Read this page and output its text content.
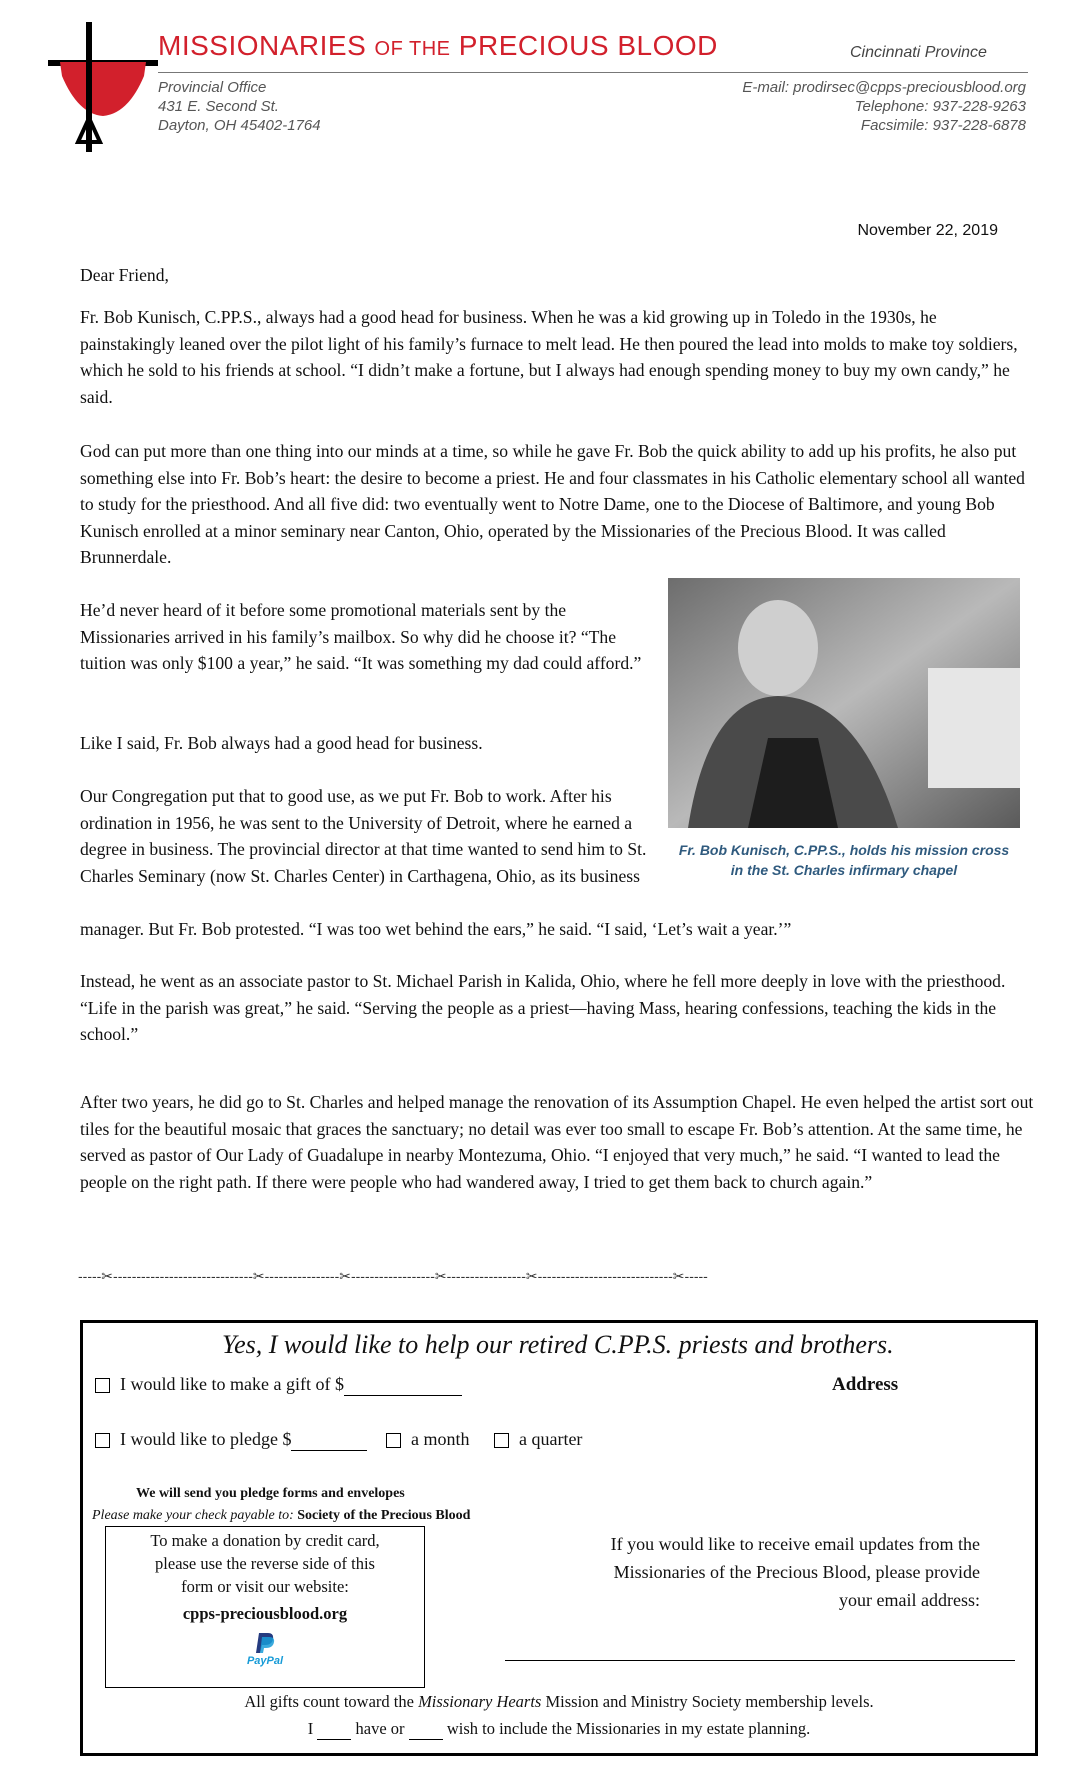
MISSIONARIES OF THE PRECIOUS BLOOD	Cincinnati Province
Provincial Office
431 E. Second St.
Dayton, OH 45402-1764
E-mail: prodirsec@cpps-preciousblood.org
Telephone: 937-228-9263
Facsimile: 937-228-6878
November 22, 2019

Dear Friend,

Fr. Bob Kunisch, C.PP.S., always had a good head for business. When he was a kid growing up in Toledo in the 1930s, he painstakingly leaned over the pilot light of his family’s furnace to melt lead. He then poured the lead into molds to make toy soldiers, which he sold to his friends at school. “I didn’t make a fortune, but I always had enough spending money to buy my own candy,” he said.

God can put more than one thing into our minds at a time, so while he gave Fr. Bob the quick ability to add up his profits, he also put something else into Fr. Bob’s heart: the desire to become a priest. He and four classmates in his Catholic elementary school all wanted to study for the priesthood. And all five did: two eventually went to Notre Dame, one to the Diocese of Baltimore, and young Bob Kunisch enrolled at a minor seminary near Canton, Ohio, operated by the Missionaries of the Precious Blood. It was called Brunnerdale.

He’d never heard of it before some promotional materials sent by the Missionaries arrived in his family’s mailbox. So why did he choose it? “The tuition was only $100 a year,” he said. “It was something my dad could afford.”

Like I said, Fr. Bob always had a good head for business.

Our Congregation put that to good use, as we put Fr. Bob to work. After his ordination in 1956, he was sent to the University of Detroit, where he earned a degree in business. The provincial director at that time wanted to send him to St. Charles Seminary (now St. Charles Center) in Carthagena, Ohio, as its business

manager. But Fr. Bob protested. “I was too wet behind the ears,” he said. “I said, ‘Let’s wait a year.’”

Instead, he went as an associate pastor to St. Michael Parish in Kalida, Ohio, where he fell more deeply in love with the priesthood. “Life in the parish was great,” he said. “Serving the people as a priest—having Mass, hearing confessions, teaching the kids in the school.”

After two years, he did go to St. Charles and helped manage the renovation of its Assumption Chapel. He even helped the artist sort out tiles for the beautiful mosaic that graces the sanctuary; no detail was ever too small to escape Fr. Bob’s attention. At the same time, he served as pastor of Our Lady of Guadalupe in nearby Montezuma, Ohio. “I enjoyed that very much,” he said. “I wanted to lead the people on the right path. If there were people who had wandered away, I tried to get them back to church again.”

Fr. Bob Kunisch, C.PP.S., holds his mission cross
in the St. Charles infirmary chapel
-----✂------------------------------✂----------------✂------------------✂-----------------✂-----------------------------✂-----
Yes, I would like to help our retired C.PP.S. priests and brothers.
I would like to make a gift of $	Address
I would like to pledge $	a month	a quarter
We will send you pledge forms and envelopes
Please make your check payable to: Society of the Precious Blood
To make a donation by credit card,
please use the reverse side of this
form or visit our website:
cpps-preciousblood.org
PayPal
If you would like to receive email updates from the
Missionaries of the Precious Blood, please provide
your email address:
All gifts count toward the Missionary Hearts Mission and Ministry Society membership levels.
I	have or	wish to include the Missionaries in my estate planning.
